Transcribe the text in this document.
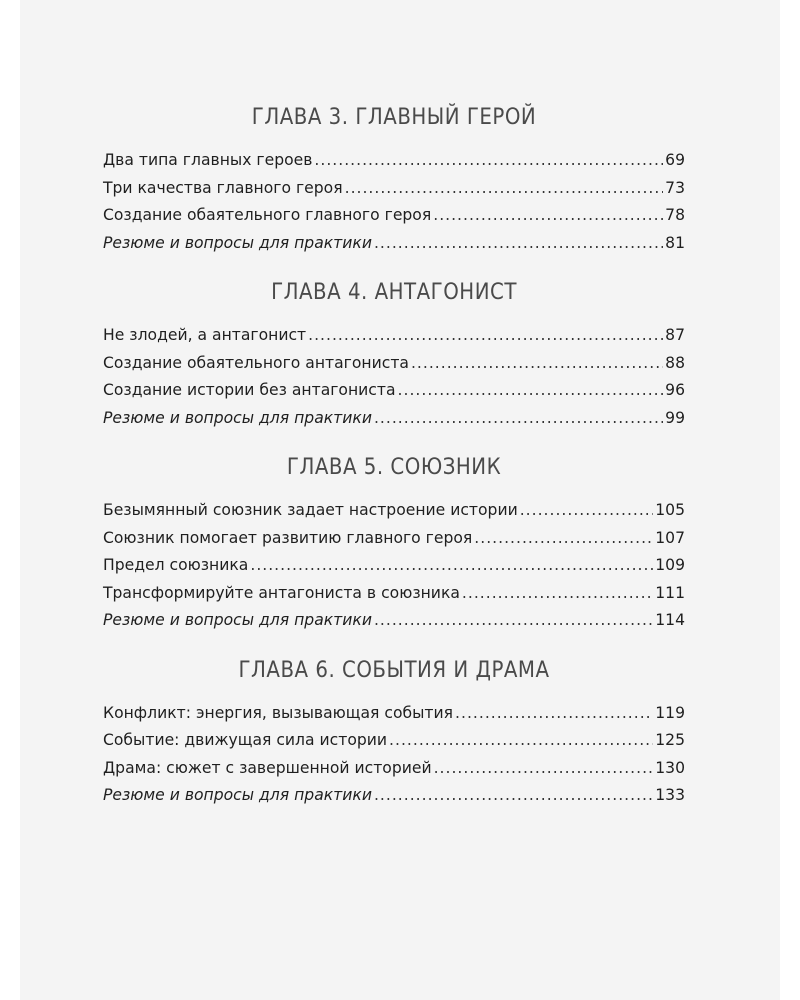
ГЛАВА 3. ГЛАВНЫЙ ГЕРОЙ
Два типа главных героев .....	69
Три качества главного героя .....	73
Создание обаятельного главного героя .....	78
Резюме и вопросы для практики .....	81
ГЛАВА 4. АНТАГОНИСТ
Не злодей, а антагонист .....	87
Создание обаятельного антагониста .....	88
Создание истории без антагониста .....	96
Резюме и вопросы для практики .....	99
ГЛАВА 5. СОЮЗНИК
Безымянный союзник задает настроение истории .....	105
Союзник помогает развитию главного героя .....	107
Предел союзника .....	109
Трансформируйте антагониста в союзника .....	111
Резюме и вопросы для практики .....	114
ГЛАВА 6. СОБЫТИЯ И ДРАМА
Конфликт: энергия, вызывающая события .....	119
Событие: движущая сила истории .....	125
Драма: сюжет с завершенной историей .....	130
Резюме и вопросы для практики .....	133
